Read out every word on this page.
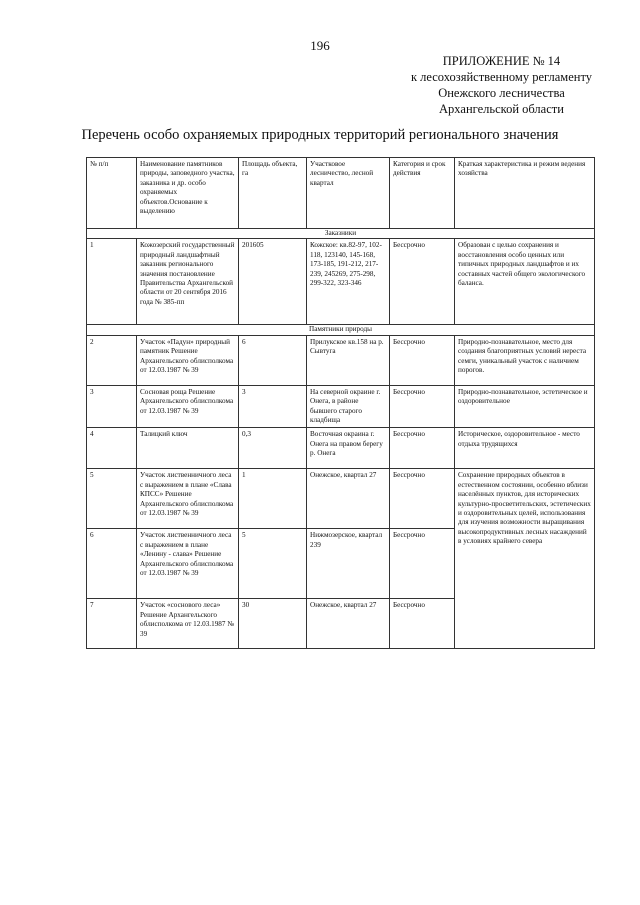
196
ПРИЛОЖЕНИЕ № 14
к лесохозяйственному регламенту
Онежского лесничества
Архангельской области
Перечень особо охраняемых природных территорий регионального значения
№ п/п	Наименование памятников природы, заповедного участка, заказника и др. особо охраняемых объектов.Основание к выделению	Площадь объекта, га	Участковое лесничество, лесной квартал	Категория и срок действия	Краткая характеристика и режим ведения хозяйства
Заказники					
1	Кожозерский государственный природный ландшафтный заказник регионального значения постановление Правительства Архангельской области от 20 сентября 2016 года № 385-пп	201605	Кожское: кв.82-97, 102-118, 123140, 145-168, 173-185, 191-212, 217-239, 245269, 275-298, 299-322, 323-346	Бессрочно	Образован с целью сохранения и восстановления особо ценных или типичных природных ландшафтов и их составных частей общего экологического баланса.
Памятники природы					
2	Участок «Падун» природный памятник Решение Архангельского облисполкома от 12.03.1987 № 39	6	Прилукское кв.158 на р. Сывтуга	Бессрочно	Природно-познавательное, место для создания благоприятных условий нереста семги, уникальный участок с наличием порогов.
3	Сосновая роща Решение Архангельского облисполкома от 12.03.1987 № 39	3	На северной окраине г. Онега, в районе бывшего старого кладбища	Бессрочно	Природно-познавательное, эстетическое и оздоровительное
4	Талицкий ключ	0,3	Восточная окраина г. Онега на правом берегу р. Онега	Бессрочно	Историческое, оздоровительное - место отдыха трудящихся
5	Участок лиственничного леса с выражением в плане «Слава КПСС» Решение Архангельского облисполкома от 12.03.1987 № 39	1	Онежское, квартал 27	Бессрочно	Сохранение природных объектов в естественном состоянии, особенно вблизи населённых пунктов, для исторических культурно-просветительских, эстетических и оздоровительных целей, использования для изучения возможности выращивания высокопродуктивных лесных насаждений в условиях крайнего севера
6	Участок лиственничного леса с выражением в плане «Ленину - слава» Решение Архангельского облисполкома от 12.03.1987 № 39	5	Нижмозерское, квартал 239	Бессрочно	
7	Участок «соснового леса» Решение Архангельского облисполкома от 12.03.1987 № 39	30	Онежское, квартал 27	Бессрочно	
